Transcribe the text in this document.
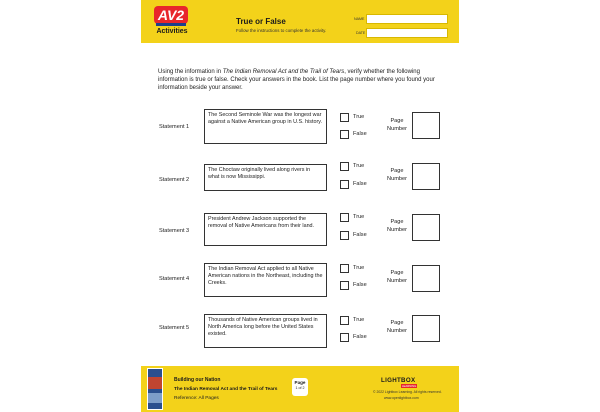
AV2
Activities
True or False
Follow the instructions to complete the activity.
NAME
DATE
Using the information in The Indian Removal Act and the Trail of Tears, verify whether the following information is true or false. Check your answers in the book. List the page number where you found your information beside your answer.
Statement 1
The Second Seminole War was the longest war against a Native American group in U.S. history.
True
False
Page
Number
Statement 2
The Choctaw originally lived along rivers in what is now Mississippi.
True
False
Page
Number
Statement 3
President Andrew Jackson supported the removal of Native Americans from their land.
True
False
Page
Number
Statement 4
The Indian Removal Act applied to all Native American nations in the Northeast, including the Creeks.
True
False
Page
Number
Statement 5
Thousands of Native American groups lived in North America long before the United States existed.
True
False
Page
Number
Building our Nation
The Indian Removal Act and the Trail of Tears
Reference: All Pages
Page
1 of 2
LIGHTBOX
LEARNING
© 2022 Lightbox Learning. All rights reserved.
www.openlightbox.com
